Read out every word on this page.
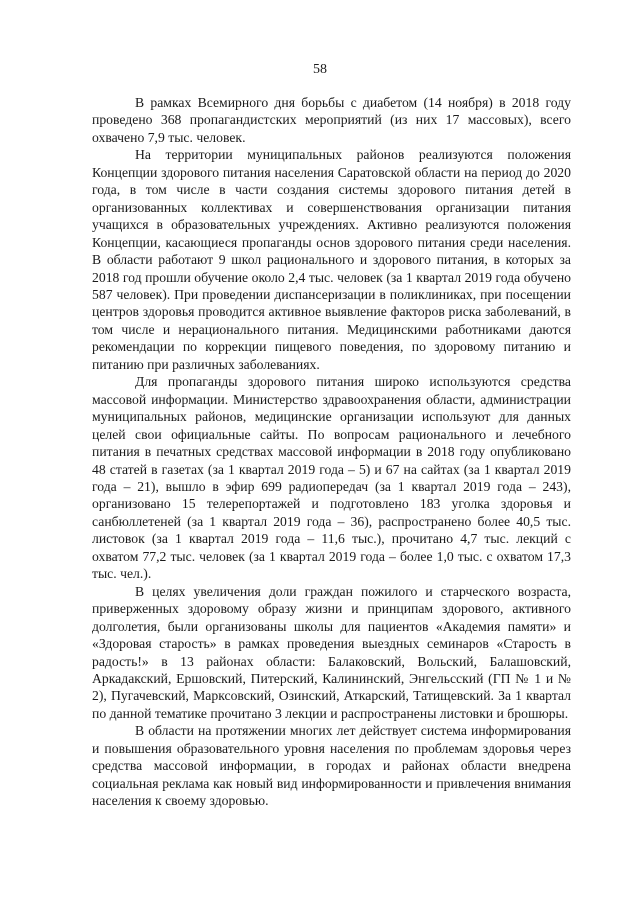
58

В рамках Всемирного дня борьбы с диабетом (14 ноября) в 2018 году проведено 368 пропагандистских мероприятий (из них 17 массовых), всего охвачено 7,9 тыс. человек.

На территории муниципальных районов реализуются положения Концепции здорового питания населения Саратовской области на период до 2020 года, в том числе в части создания системы здорового питания детей в организованных коллективах и совершенствования организации питания учащихся в образовательных учреждениях. Активно реализуются положения Концепции, касающиеся пропаганды основ здорового питания среди населения. В области работают 9 школ рационального и здорового питания, в которых за 2018 год прошли обучение около 2,4 тыс. человек (за 1 квартал 2019 года обучено 587 человек). При проведении диспансеризации в поликлиниках, при посещении центров здоровья проводится активное выявление факторов риска заболеваний, в том числе и нерационального питания. Медицинскими работниками даются рекомендации по коррекции пищевого поведения, по здоровому питанию и питанию при различных заболеваниях.

Для пропаганды здорового питания широко используются средства массовой информации. Министерство здравоохранения области, администрации муниципальных районов, медицинские организации используют для данных целей свои официальные сайты. По вопросам рационального и лечебного питания в печатных средствах массовой информации в 2018 году опубликовано 48 статей в газетах (за 1 квартал 2019 года – 5) и 67 на сайтах (за 1 квартал 2019 года – 21), вышло в эфир 699 радиопередач (за 1 квартал 2019 года – 243), организовано 15 телерепортажей и подготовлено 183 уголка здоровья и санбюллетеней (за 1 квартал 2019 года – 36), распространено более 40,5 тыс. листовок (за 1 квартал 2019 года – 11,6 тыс.), прочитано 4,7 тыс. лекций с охватом 77,2 тыс. человек (за 1 квартал 2019 года – более 1,0 тыс. с охватом 17,3 тыс. чел.).

В целях увеличения доли граждан пожилого и старческого возраста, приверженных здоровому образу жизни и принципам здорового, активного долголетия, были организованы школы для пациентов «Академия памяти» и «Здоровая старость» в рамках проведения выездных семинаров «Старость в радость!» в 13 районах области: Балаковский, Вольский, Балашовский, Аркадакский, Ершовский, Питерский, Калининский, Энгельсский (ГП № 1 и № 2), Пугачевский, Марксовский, Озинский, Аткарский, Татищевский. За 1 квартал по данной тематике прочитано 3 лекции и распространены листовки и брошюры.

В области на протяжении многих лет действует система информирования и повышения образовательного уровня населения по проблемам здоровья через средства массовой информации, в городах и районах области внедрена социальная реклама как новый вид информированности и привлечения внимания населения к своему здоровью.
